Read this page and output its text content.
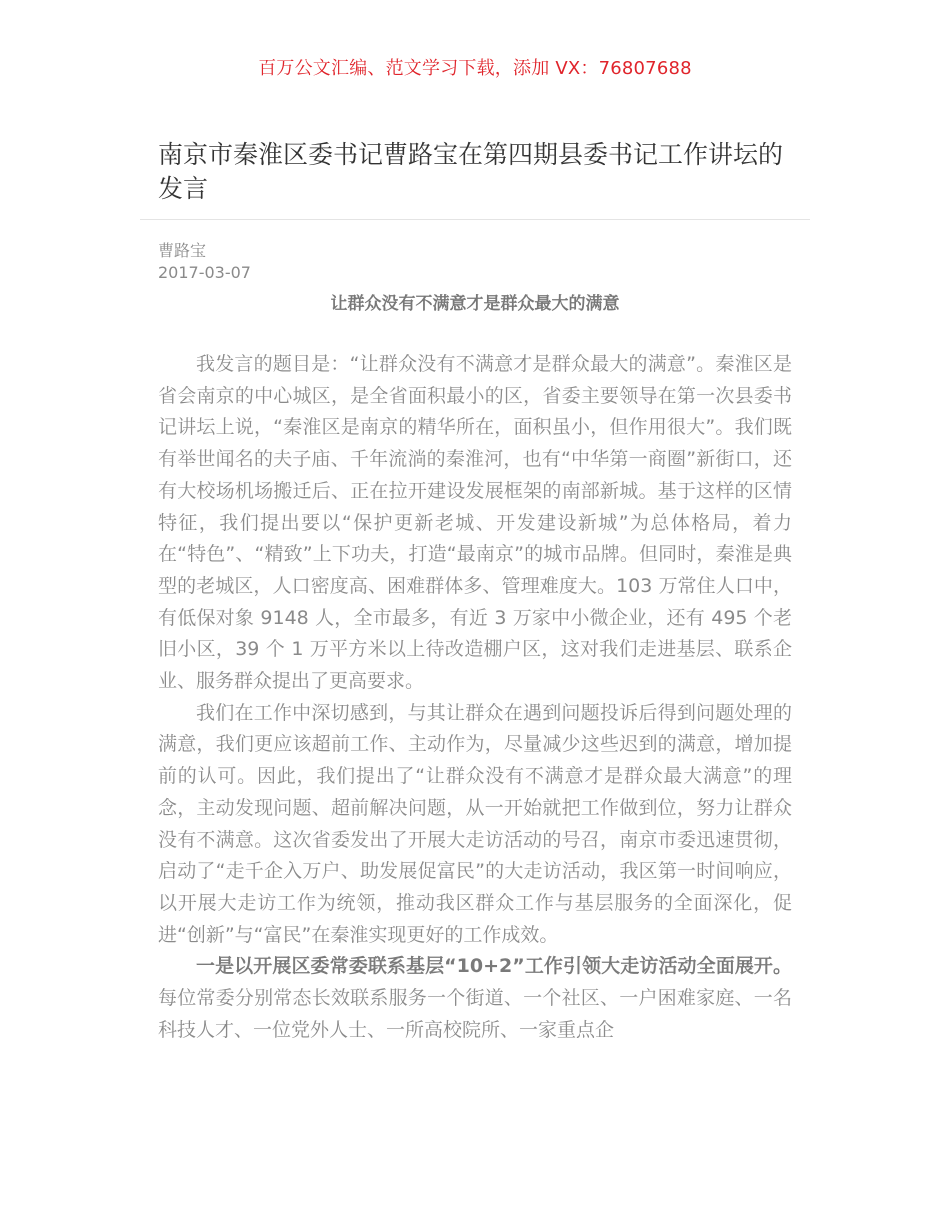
百万公文汇编、范文学习下载，添加 VX：76807688
南京市秦淮区委书记曹路宝在第四期县委书记工作讲坛的发言
曹路宝
2017-03-07
让群众没有不满意才是群众最大的满意

我发言的题目是：“让群众没有不满意才是群众最大的满意”。秦淮区是省会南京的中心城区，是全省面积最小的区，省委主要领导在第一次县委书记讲坛上说，“秦淮区是南京的精华所在，面积虽小，但作用很大”。我们既有举世闻名的夫子庙、千年流淌的秦淮河，也有“中华第一商圈”新街口，还有大校场机场搬迁后、正在拉开建设发展框架的南部新城。基于这样的区情特征，我们提出要以“保护更新老城、开发建设新城”为总体格局，着力在“特色”、“精致”上下功夫，打造“最南京”的城市品牌。但同时，秦淮是典型的老城区，人口密度高、困难群体多、管理难度大。103 万常住人口中，有低保对象 9148 人，全市最多，有近 3 万家中小微企业，还有 495 个老旧小区，39 个 1 万平方米以上待改造棚户区，这对我们走进基层、联系企业、服务群众提出了更高要求。

我们在工作中深切感到，与其让群众在遇到问题投诉后得到问题处理的满意，我们更应该超前工作、主动作为，尽量减少这些迟到的满意，增加提前的认可。因此，我们提出了“让群众没有不满意才是群众最大满意”的理念，主动发现问题、超前解决问题，从一开始就把工作做到位，努力让群众没有不满意。这次省委发出了开展大走访活动的号召，南京市委迅速贯彻，启动了“走千企入万户、助发展促富民”的大走访活动，我区第一时间响应，以开展大走访工作为统领，推动我区群众工作与基层服务的全面深化，促进“创新”与“富民”在秦淮实现更好的工作成效。

一是以开展区委常委联系基层“10+2”工作引领大走访活动全面展开。每位常委分别常态长效联系服务一个街道、一个社区、一户困难家庭、一名科技人才、一位党外人士、一所高校院所、一家重点企
